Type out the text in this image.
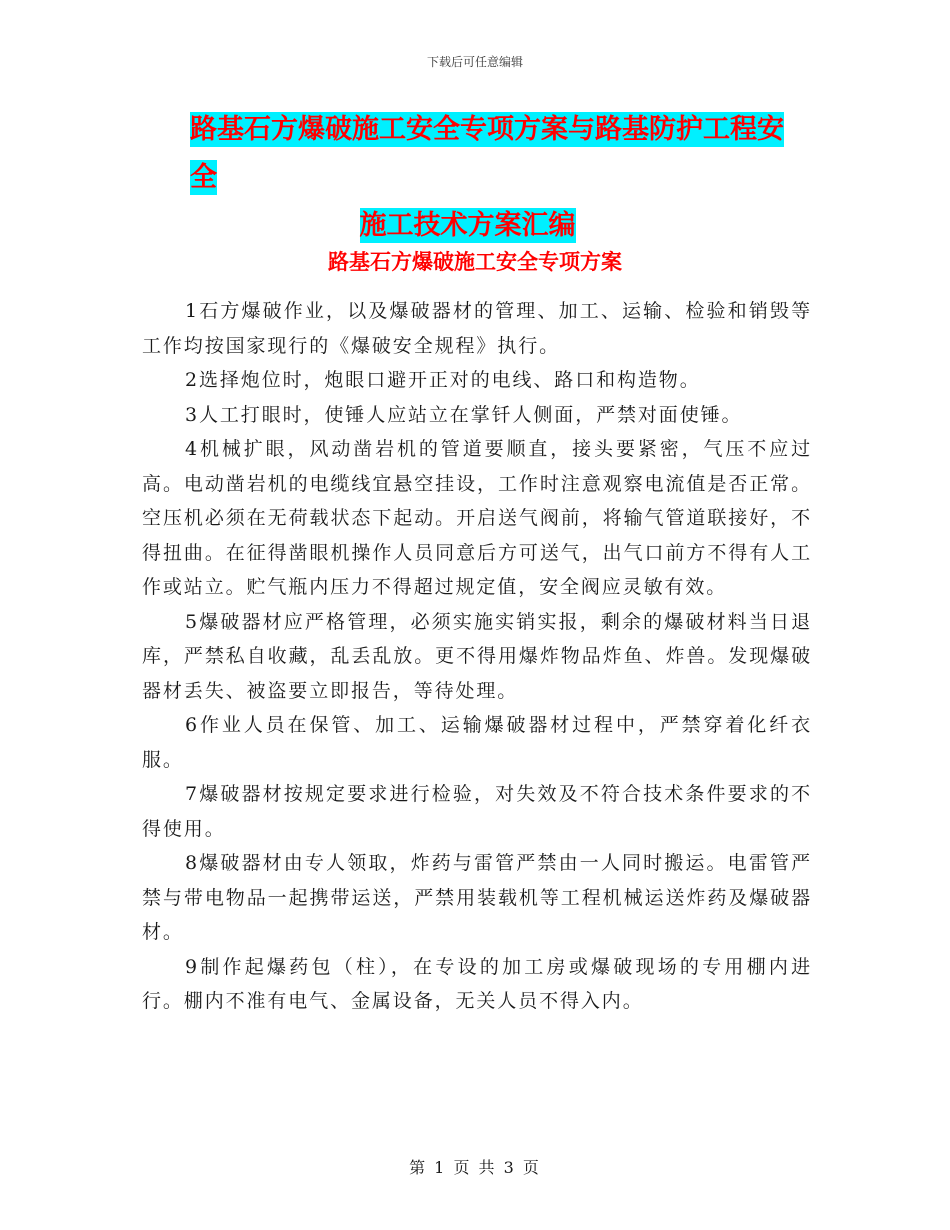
下载后可任意编辑
路基石方爆破施工安全专项方案与路基防护工程安全
施工技术方案汇编
路基石方爆破施工安全专项方案

1石方爆破作业，以及爆破器材的管理、加工、运输、检验和销毁等工作均按国家现行的《爆破安全规程》执行。

2选择炮位时，炮眼口避开正对的电线、路口和构造物。

3人工打眼时，使锤人应站立在掌钎人侧面，严禁对面使锤。

4机械扩眼，风动凿岩机的管道要顺直，接头要紧密，气压不应过高。电动凿岩机的电缆线宜悬空挂设，工作时注意观察电流值是否正常。空压机必须在无荷载状态下起动。开启送气阀前，将输气管道联接好，不得扭曲。在征得凿眼机操作人员同意后方可送气，出气口前方不得有人工作或站立。贮气瓶内压力不得超过规定值，安全阀应灵敏有效。

5爆破器材应严格管理，必须实施实销实报，剩余的爆破材料当日退库，严禁私自收藏，乱丢乱放。更不得用爆炸物品炸鱼、炸兽。发现爆破器材丢失、被盗要立即报告，等待处理。

6作业人员在保管、加工、运输爆破器材过程中，严禁穿着化纤衣服。

7爆破器材按规定要求进行检验，对失效及不符合技术条件要求的不得使用。

8爆破器材由专人领取，炸药与雷管严禁由一人同时搬运。电雷管严禁与带电物品一起携带运送，严禁用装载机等工程机械运送炸药及爆破器材。

9制作起爆药包（柱），在专设的加工房或爆破现场的专用棚内进行。棚内不准有电气、金属设备，无关人员不得入内。

第 1 页 共 3 页
